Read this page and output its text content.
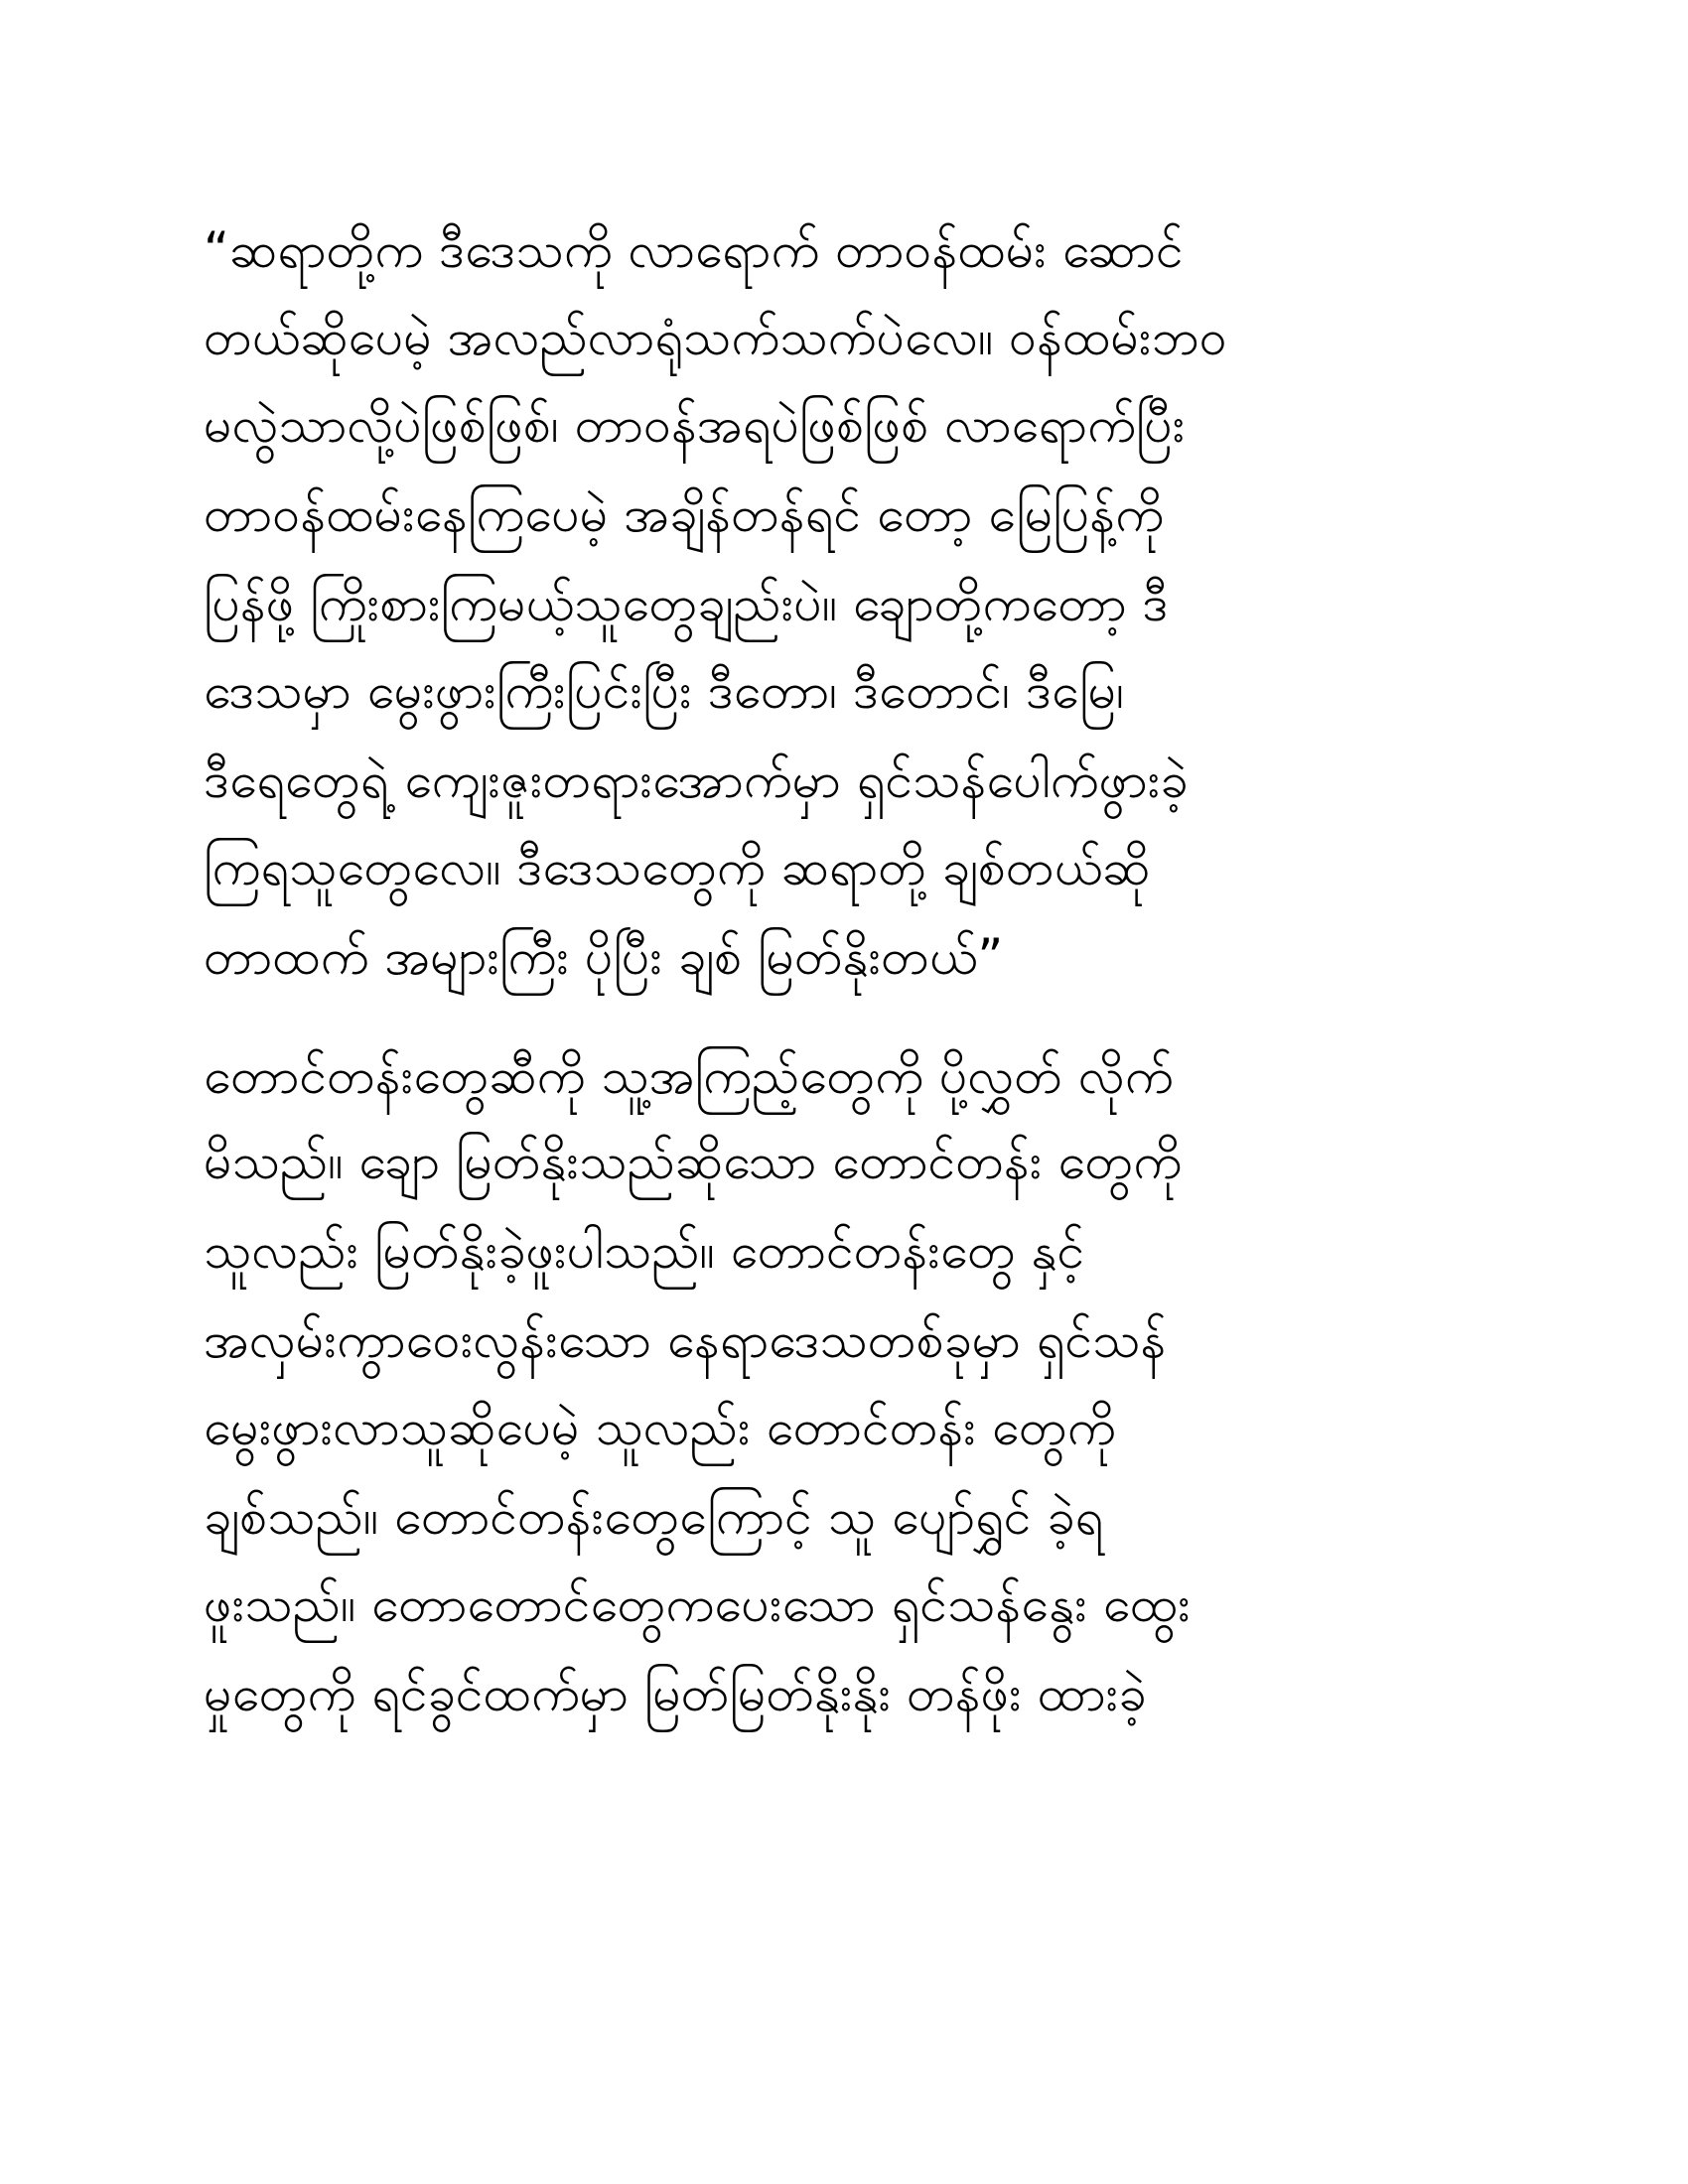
“ဆရာတို့က ဒီဒေသကို လာရောက် တာဝန်ထမ်း ဆောင်
တယ်ဆိုပေမဲ့ အလည်လာရုံသက်သက်ပဲလေ။ ဝန်ထမ်းဘဝ
မလွဲသာလို့ပဲဖြစ်ဖြစ်၊ တာဝန်အရပဲဖြစ်ဖြစ် လာရောက်ပြီး
တာဝန်ထမ်းနေကြပေမဲ့ အချိန်တန်ရင် တော့ မြေပြန့်ကို
ပြန်ဖို့ ကြိုးစားကြမယ့်သူတွေချည်းပဲ။ ချောတို့ကတော့ ဒီ
ဒေသမှာ မွေးဖွားကြီးပြင်းပြီး ဒီတော၊ ဒီတောင်၊ ဒီမြေ၊
ဒီရေတွေရဲ့ ကျေးဇူးတရားအောက်မှာ ရှင်သန်ပေါက်ဖွားခဲ့
ကြရသူတွေလေ။ ဒီဒေသတွေကို ဆရာတို့ ချစ်တယ်ဆို
တာထက် အများကြီး ပိုပြီး ချစ် မြတ်နိုးတယ်”
တောင်တန်းတွေဆီကို သူ့အကြည့်တွေကို ပို့လွှတ် လိုက်
မိသည်။ ချော မြတ်နိုးသည်ဆိုသော တောင်တန်း တွေကို
သူလည်း မြတ်နိုးခဲ့ဖူးပါသည်။ တောင်တန်းတွေ နှင့်
အလှမ်းကွာဝေးလွန်းသော နေရာဒေသတစ်ခုမှာ ရှင်သန်
မွေးဖွားလာသူဆိုပေမဲ့ သူလည်း တောင်တန်း တွေကို
ချစ်သည်။ တောင်တန်းတွေကြောင့် သူ ပျော်ရွှင် ခဲ့ရ
ဖူးသည်။ တောတောင်တွေကပေးသော ရှင်သန်နွေး ထွေး
မှုတွေကို ရင်ခွင်ထက်မှာ မြတ်မြတ်နိုးနိုး တန်ဖိုး ထားခဲ့
